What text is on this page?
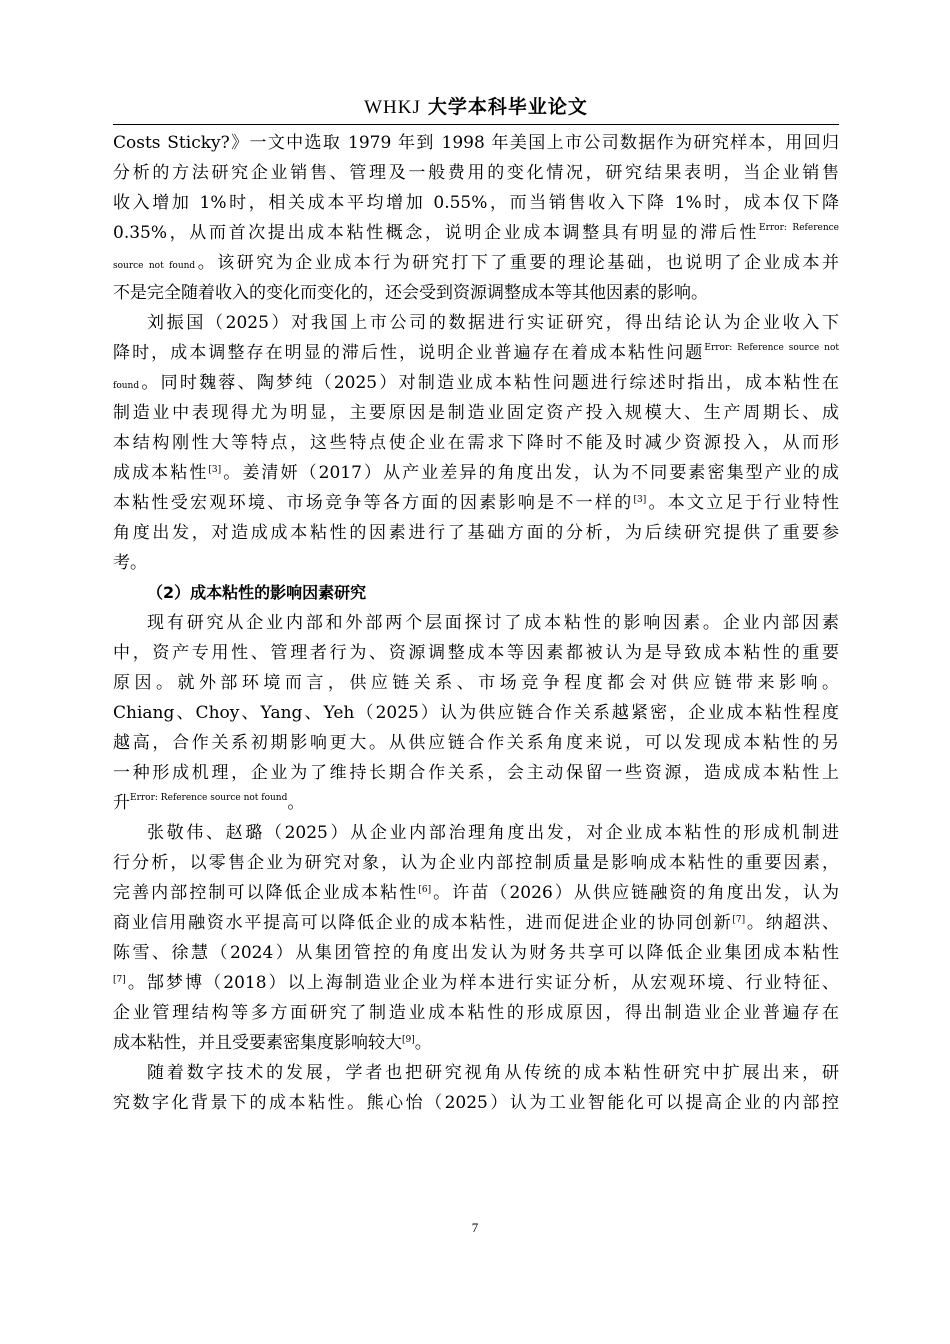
WHKJ 大学本科毕业论文
Costs Sticky?》一文中选取 1979 年到 1998 年美国上市公司数据作为研究样本，用回归
分析的方法研究企业销售、管理及一般费用的变化情况，研究结果表明，当企业销售
收入增加 1%时，相关成本平均增加 0.55%，而当销售收入下降 1%时，成本仅下降
0.35%，从而首次提出成本粘性概念，说明企业成本调整具有明显的滞后性$^{Error: Reference}$
source not found。该研究为企业成本行为研究打下了重要的理论基础，也说明了企业成本并
不是完全随着收入的变化而变化的，还会受到资源调整成本等其他因素的影响。
刘振国（2025）对我国上市公司的数据进行实证研究，得出结论认为企业收入下
降时，成本调整存在明显的滞后性，说明企业普遍存在着成本粘性问题$^{Error: Reference source not}$
found。同时魏蓉、陶梦纯（2025）对制造业成本粘性问题进行综述时指出，成本粘性在
制造业中表现得尤为明显，主要原因是制造业固定资产投入规模大、生产周期长、成
本结构刚性大等特点，这些特点使企业在需求下降时不能及时减少资源投入，从而形
成成本粘性[3]。姜清妍（2017）从产业差异的角度出发，认为不同要素密集型产业的成
本粘性受宏观环境、市场竞争等各方面的因素影响是不一样的[3]。本文立足于行业特性
角度出发，对造成成本粘性的因素进行了基础方面的分析，为后续研究提供了重要参
考。
（2）成本粘性的影响因素研究
现有研究从企业内部和外部两个层面探讨了成本粘性的影响因素。企业内部因素
中，资产专用性、管理者行为、资源调整成本等因素都被认为是导致成本粘性的重要
原因。就外部环境而言，供应链关系、市场竞争程度都会对供应链带来影响。
Chiang、Choy、Yang、Yeh（2025）认为供应链合作关系越紧密，企业成本粘性程度
越高，合作关系初期影响更大。从供应链合作关系角度来说，可以发现成本粘性的另
一种形成机理，企业为了维持长期合作关系，会主动保留一些资源，造成成本粘性上
升$^{Error: Reference source not found}$。
张敬伟、赵璐（2025）从企业内部治理角度出发，对企业成本粘性的形成机制进
行分析，以零售企业为研究对象，认为企业内部控制质量是影响成本粘性的重要因素，
完善内部控制可以降低企业成本粘性[6]。许苗（2026）从供应链融资的角度出发，认为
商业信用融资水平提高可以降低企业的成本粘性，进而促进企业的协同创新[7]。纳超洪、
陈雪、徐慧（2024）从集团管控的角度出发认为财务共享可以降低企业集团成本粘性
[7]。郜梦博（2018）以上海制造业企业为样本进行实证分析，从宏观环境、行业特征、
企业管理结构等多方面研究了制造业成本粘性的形成原因，得出制造业企业普遍存在
成本粘性，并且受要素密集度影响较大[9]。
随着数字技术的发展，学者也把研究视角从传统的成本粘性研究中扩展出来，研
究数字化背景下的成本粘性。熊心怡（2025）认为工业智能化可以提高企业的内部控
7
